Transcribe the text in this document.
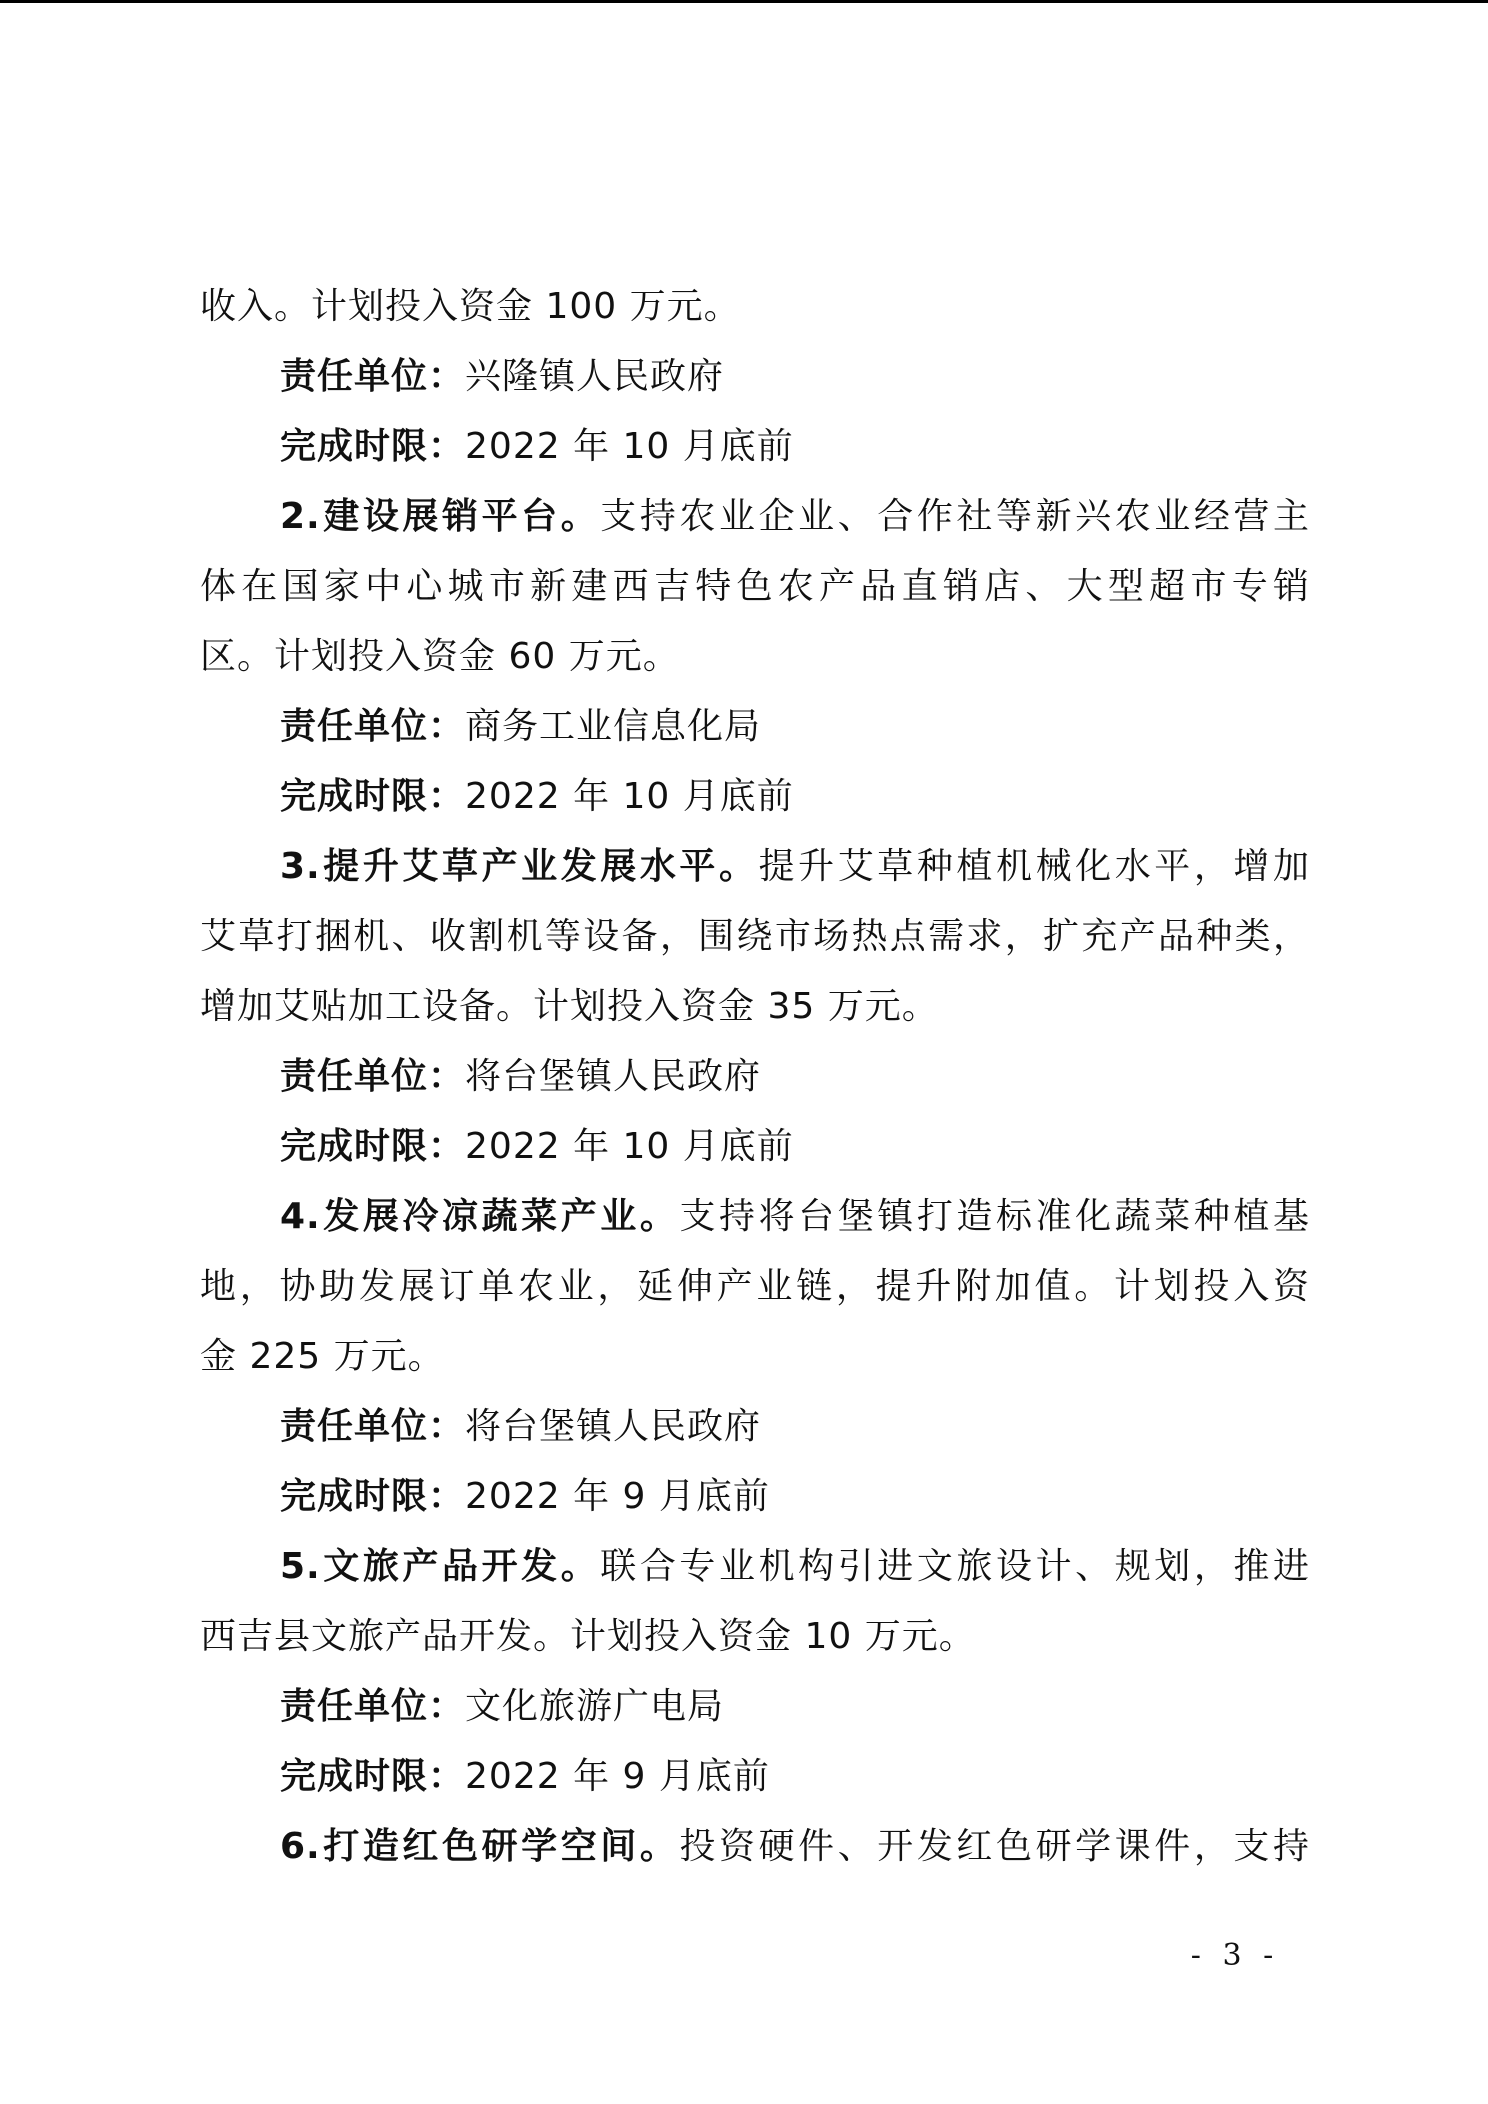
收入。计划投入资金 100 万元。
责任单位：兴隆镇人民政府
完成时限：2022 年 10 月底前
2.建设展销平台。支持农业企业、合作社等新兴农业经营主
体在国家中心城市新建西吉特色农产品直销店、大型超市专销
区。计划投入资金 60 万元。
责任单位：商务工业信息化局
完成时限：2022 年 10 月底前
3.提升艾草产业发展水平。提升艾草种植机械化水平，增加
艾草打捆机、收割机等设备，围绕市场热点需求，扩充产品种类，
增加艾贴加工设备。计划投入资金 35 万元。
责任单位：将台堡镇人民政府
完成时限：2022 年 10 月底前
4.发展冷凉蔬菜产业。支持将台堡镇打造标准化蔬菜种植基
地，协助发展订单农业，延伸产业链，提升附加值。计划投入资
金 225 万元。
责任单位：将台堡镇人民政府
完成时限：2022 年 9 月底前
5.文旅产品开发。联合专业机构引进文旅设计、规划，推进
西吉县文旅产品开发。计划投入资金 10 万元。
责任单位：文化旅游广电局
完成时限：2022 年 9 月底前
6.打造红色研学空间。投资硬件、开发红色研学课件，支持
- 3 -
